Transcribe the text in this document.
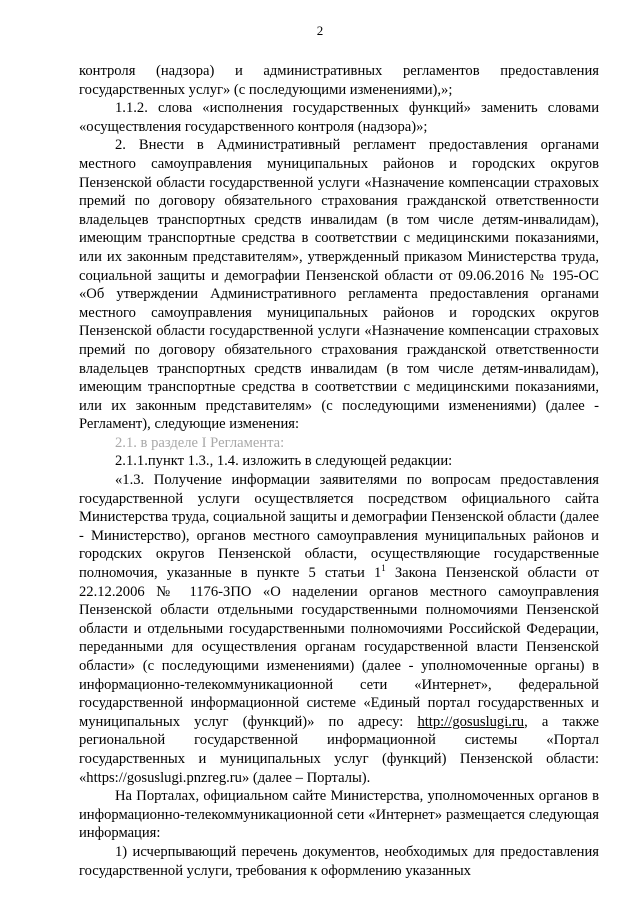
2

контроля (надзора) и административных регламентов предоставления государственных услуг» (с последующими изменениями),»;

1.1.2. слова «исполнения государственных функций» заменить словами «осуществления государственного контроля (надзора)»;

2. Внести в Административный регламент предоставления органами местного самоуправления муниципальных районов и городских округов Пензенской области государственной услуги «Назначение компенсации страховых премий по договору обязательного страхования гражданской ответственности владельцев транспортных средств инвалидам (в том числе детям-инвалидам), имеющим транспортные средства в соответствии с медицинскими показаниями, или их законным представителям», утвержденный приказом Министерства труда, социальной защиты и демографии Пензенской области от 09.06.2016 № 195-ОС «Об утверждении Административного регламента предоставления органами местного самоуправления муниципальных районов и городских округов Пензенской области государственной услуги «Назначение компенсации страховых премий по договору обязательного страхования гражданской ответственности владельцев транспортных средств инвалидам (в том числе детям-инвалидам), имеющим транспортные средства в соответствии с медицинскими показаниями, или их законным представителям» (с последующими изменениями) (далее - Регламент), следующие изменения:

2.1. в разделе I Регламента:

2.1.1.пункт 1.3., 1.4. изложить в следующей редакции:

«1.3. Получение информации заявителями по вопросам предоставления государственной услуги осуществляется посредством официального сайта Министерства труда, социальной защиты и демографии Пензенской области (далее - Министерство), органов местного самоуправления муниципальных районов и городских округов Пензенской области, осуществляющие государственные полномочия, указанные в пункте 5 статьи $1^1$ Закона Пензенской области от 22.12.2006 № 1176-ЗПО «О наделении органов местного самоуправления Пензенской области отдельными государственными полномочиями Пензенской области и отдельными государственными полномочиями Российской Федерации, переданными для осуществления органам государственной власти Пензенской области» (с последующими изменениями) (далее - уполномоченные органы) в информационно-телекоммуникационной сети «Интернет», федеральной государственной информационной системе «Единый портал государственных и муниципальных услуг (функций)» по адресу: http://gosuslugi.ru, а также региональной государственной информационной системы «Портал государственных и муниципальных услуг (функций) Пензенской области: «https://gosuslugi.pnzreg.ru» (далее – Порталы).

На Порталах, официальном сайте Министерства, уполномоченных органов в информационно-телекоммуникационной сети «Интернет» размещается следующая информация:

1) исчерпывающий перечень документов, необходимых для предоставления государственной услуги, требования к оформлению указанных
